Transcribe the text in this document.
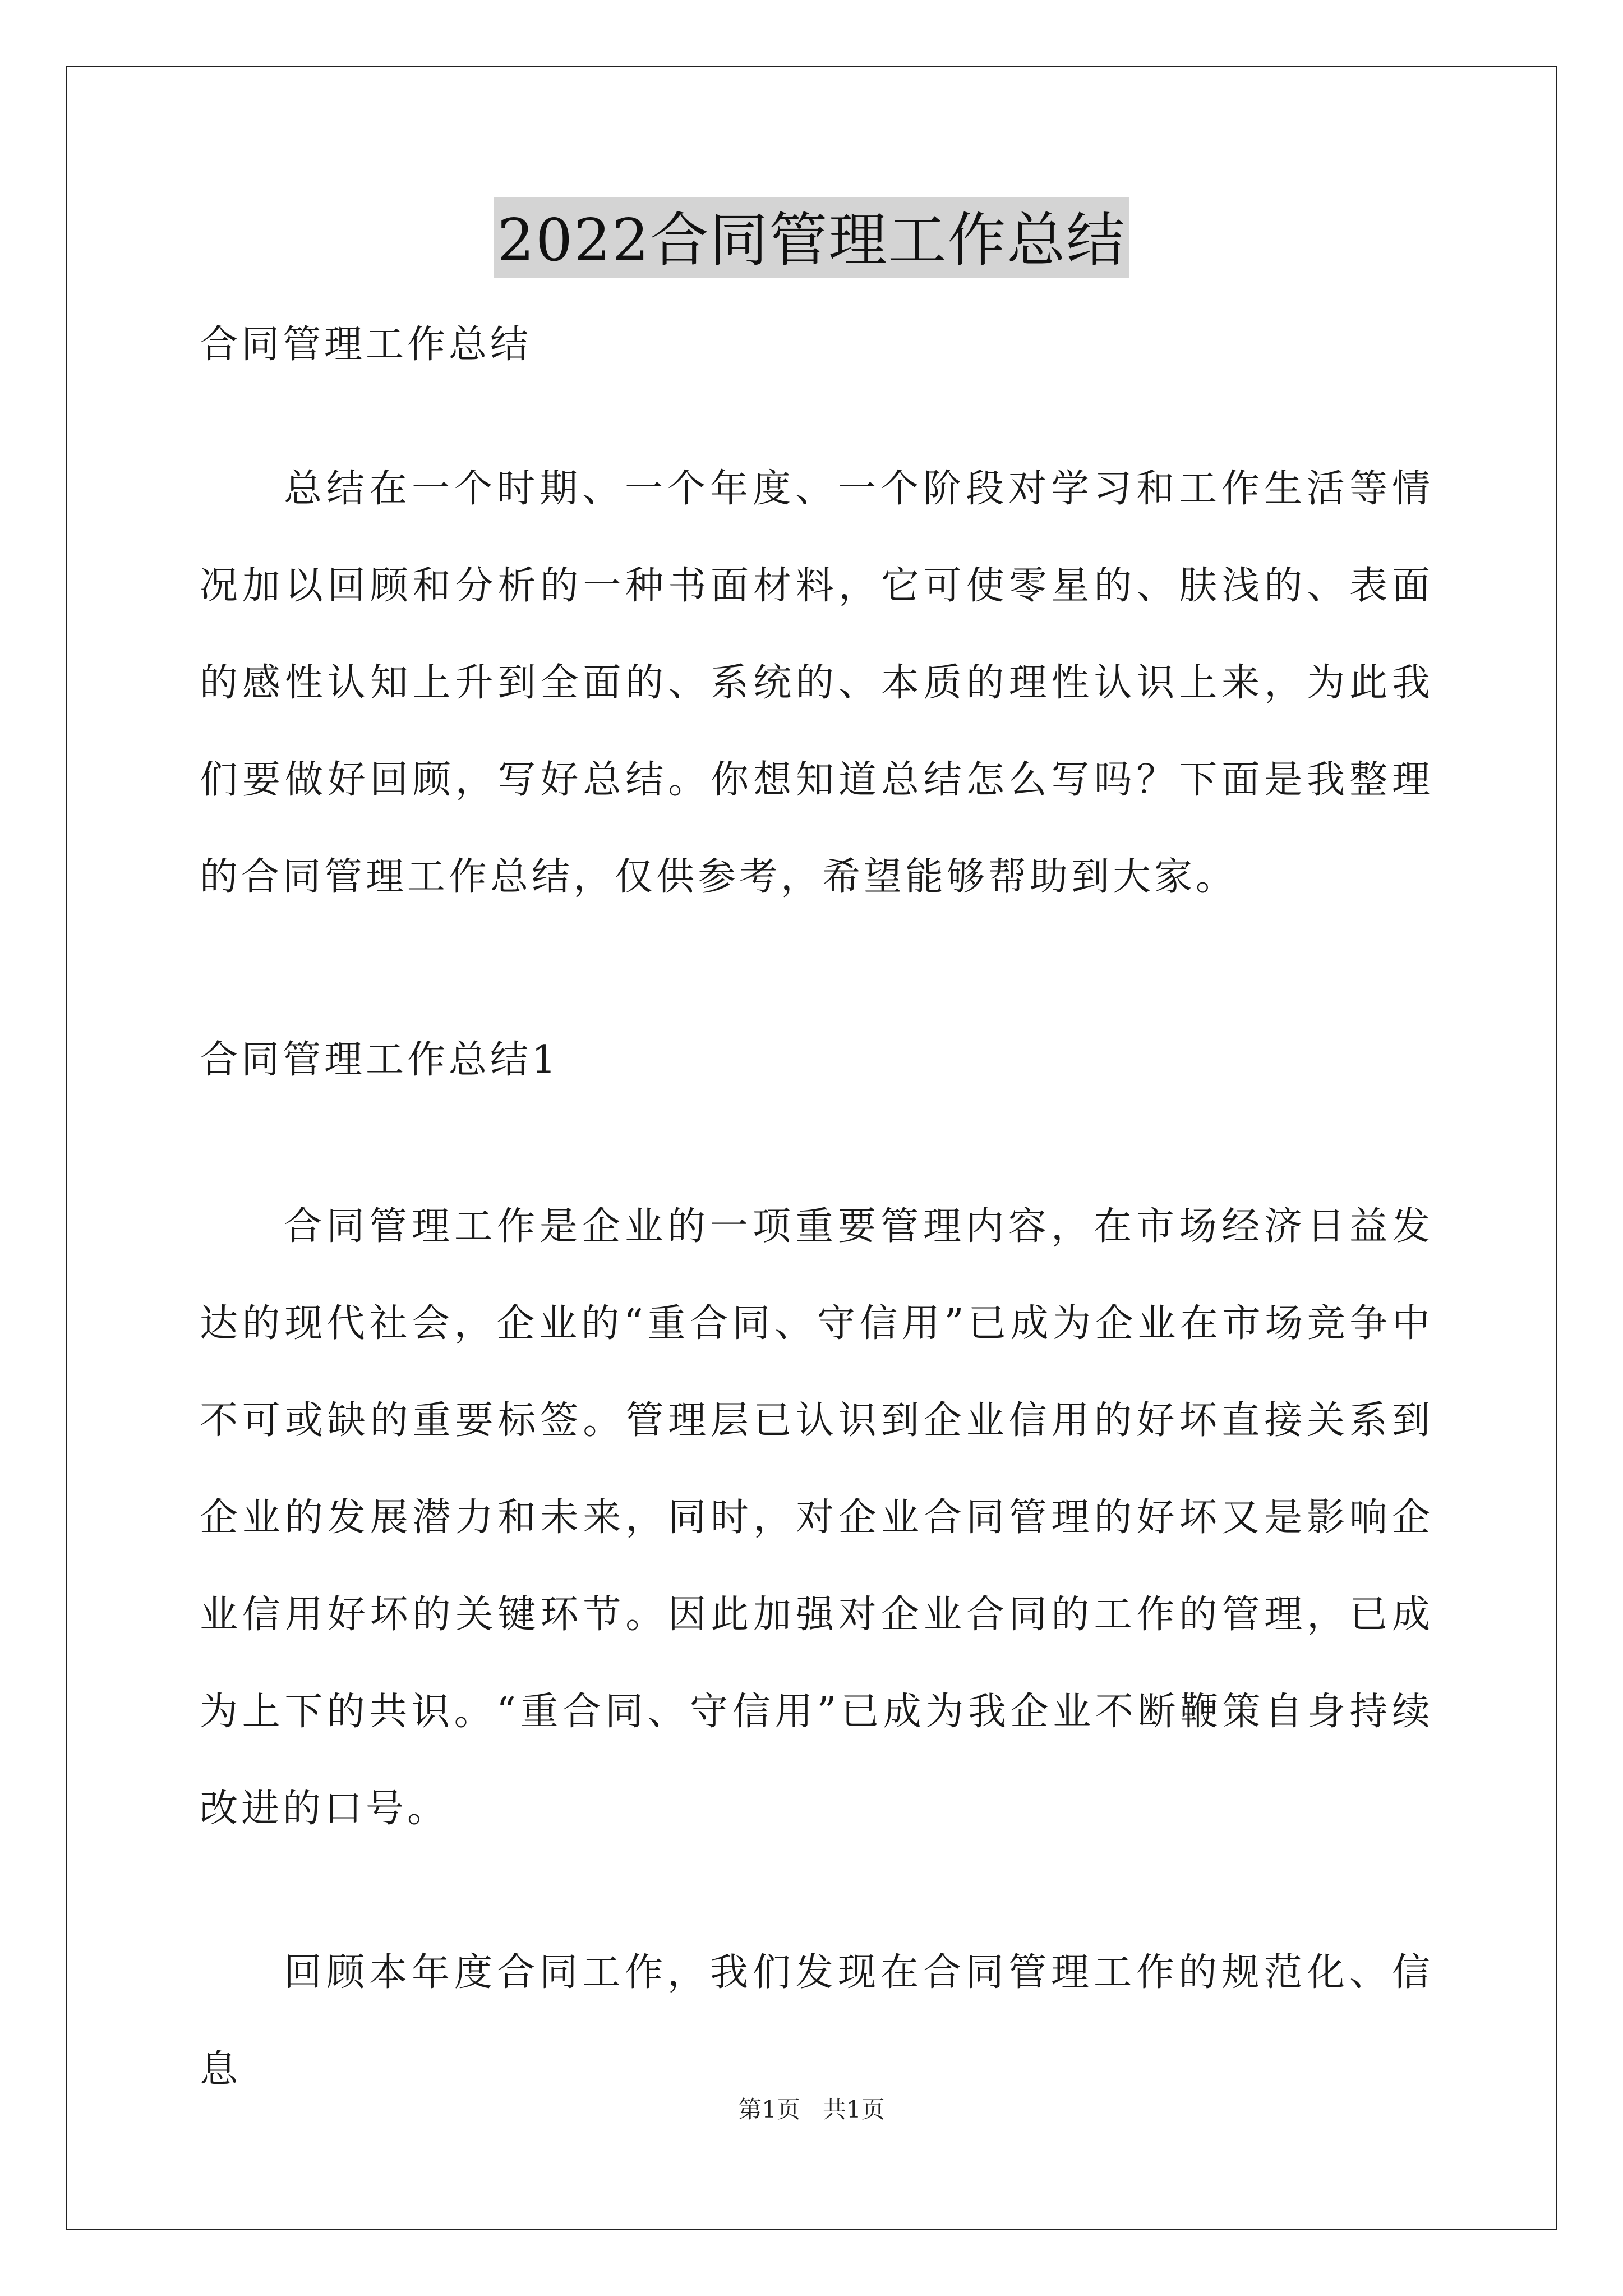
2022合同管理工作总结
合同管理工作总结

总结在一个时期、一个年度、一个阶段对学习和工作生活等情况加以回顾和分析的一种书面材料，它可使零星的、肤浅的、表面的感性认知上升到全面的、系统的、本质的理性认识上来，为此我们要做好回顾，写好总结。你想知道总结怎么写吗？下面是我整理的合同管理工作总结，仅供参考，希望能够帮助到大家。

合同管理工作总结1

合同管理工作是企业的一项重要管理内容，在市场经济日益发达的现代社会，企业的“重合同、守信用”已成为企业在市场竞争中不可或缺的重要标签。管理层已认识到企业信用的好坏直接关系到企业的发展潜力和未来，同时，对企业合同管理的好坏又是影响企业信用好坏的关键环节。因此加强对企业合同的工作的管理，已成为上下的共识。“重合同、守信用”已成为我企业不断鞭策自身持续改进的口号。

回顾本年度合同工作，我们发现在合同管理工作的规范化、信息

第1页   共1页
